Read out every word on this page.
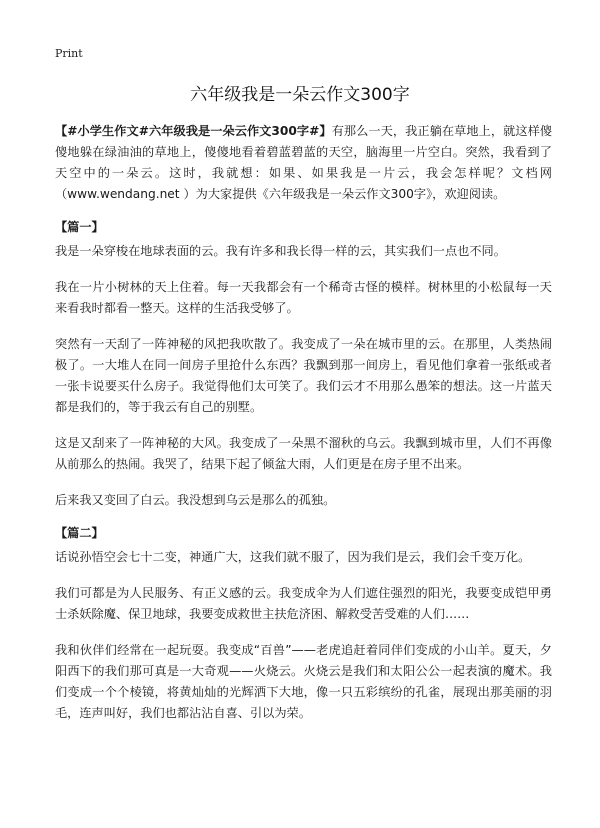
Print
六年级我是一朵云作文300字

【#小学生作文#六年级我是一朵云作文300字#】有那么一天，我正躺在草地上，就这样傻傻地躲在绿油油的草地上，傻傻地看着碧蓝碧蓝的天空，脑海里一片空白。突然，我看到了天空中的一朵云。这时，我就想：如果、如果我是一片云，我会怎样呢？文档网（www.wendang.net ）为大家提供《六年级我是一朵云作文300字》，欢迎阅读。

【篇一】

我是一朵穿梭在地球表面的云。我有许多和我长得一样的云，其实我们一点也不同。

我在一片小树林的天上住着。每一天我都会有一个稀奇古怪的模样。树林里的小松鼠每一天来看我时都看一整天。这样的生活我受够了。

突然有一天刮了一阵神秘的风把我吹散了。我变成了一朵在城市里的云。在那里，人类热闹极了。一大堆人在同一间房子里抢什么东西？我飘到那一间房上，看见他们拿着一张纸或者一张卡说要买什么房子。我觉得他们太可笑了。我们云才不用那么愚笨的想法。这一片蓝天都是我们的，等于我云有自己的别墅。

这是又刮来了一阵神秘的大风。我变成了一朵黑不溜秋的乌云。我飘到城市里，人们不再像从前那么的热闹。我哭了，结果下起了倾盆大雨，人们更是在房子里不出来。

后来我又变回了白云。我没想到乌云是那么的孤独。

【篇二】

话说孙悟空会七十二变，神通广大，这我们就不服了，因为我们是云，我们会千变万化。

我们可都是为人民服务、有正义感的云。我变成伞为人们遮住强烈的阳光，我要变成铠甲勇士杀妖除魔、保卫地球，我要变成救世主扶危济困、解救受苦受难的人们……

我和伙伴们经常在一起玩耍。我变成“百兽”——老虎追赶着同伴们变成的小山羊。夏天，夕阳西下的我们那可真是一大奇观——火烧云。火烧云是我们和太阳公公一起表演的魔术。我们变成一个个棱镜，将黄灿灿的光辉洒下大地，像一只五彩缤纷的孔雀，展现出那美丽的羽毛，连声叫好，我们也都沾沾自喜、引以为荣。
